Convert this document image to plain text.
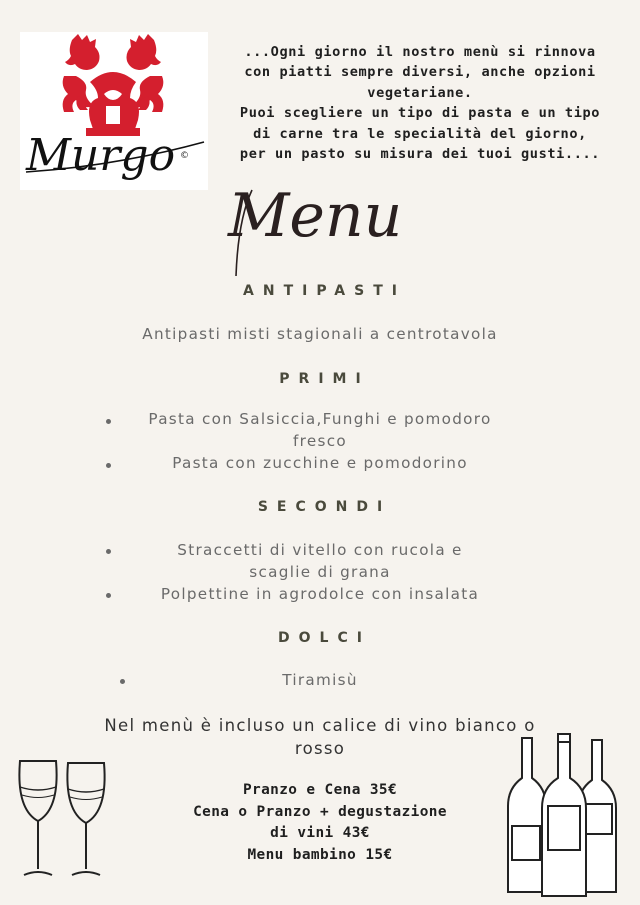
Murgo ©
...Ogni giorno il nostro menù si rinnova
con piatti sempre diversi, anche opzioni
vegetariane.
Puoi scegliere un tipo di pasta e un tipo
di carne tra le specialità del giorno,
per un pasto su misura dei tuoi gusti....
Menu
ANTIPASTI
Antipasti misti stagionali a centrotavola
PRIMI
Pasta con Salsiccia,Funghi e pomodoro
fresco
Pasta con zucchine e pomodorino
SECONDI
Straccetti di vitello con rucola e
scaglie di grana
Polpettine in agrodolce con insalata
DOLCI
Tiramisù
Nel menù è incluso un calice di vino bianco o
rosso
Pranzo e Cena 35€
Cena o Pranzo + degustazione
di vini 43€
Menu bambino 15€
